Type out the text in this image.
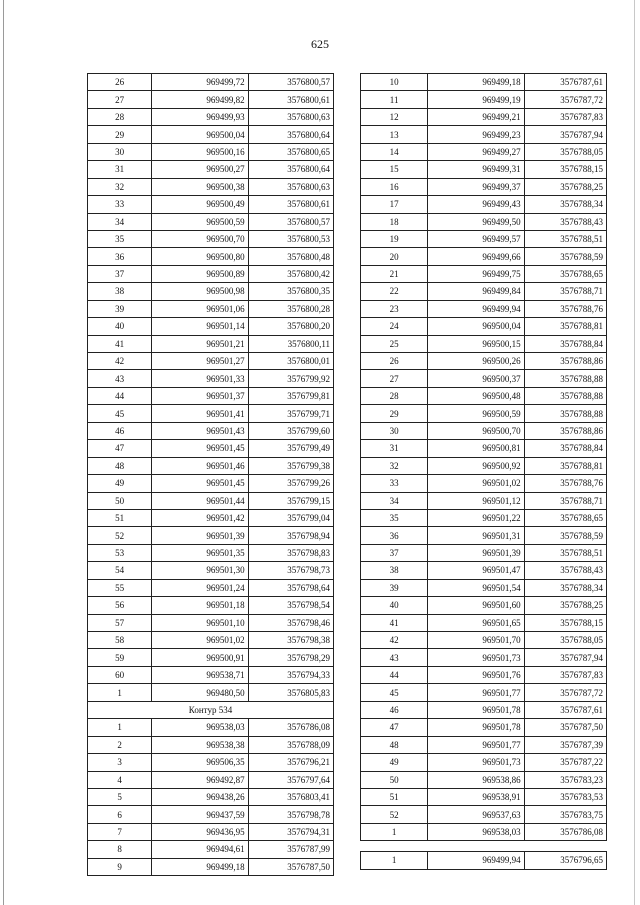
625
26	969499,72	3576800,57
27	969499,82	3576800,61
28	969499,93	3576800,63
29	969500,04	3576800,64
30	969500,16	3576800,65
31	969500,27	3576800,64
32	969500,38	3576800,63
33	969500,49	3576800,61
34	969500,59	3576800,57
35	969500,70	3576800,53
36	969500,80	3576800,48
37	969500,89	3576800,42
38	969500,98	3576800,35
39	969501,06	3576800,28
40	969501,14	3576800,20
41	969501,21	3576800,11
42	969501,27	3576800,01
43	969501,33	3576799,92
44	969501,37	3576799,81
45	969501,41	3576799,71
46	969501,43	3576799,60
47	969501,45	3576799,49
48	969501,46	3576799,38
49	969501,45	3576799,26
50	969501,44	3576799,15
51	969501,42	3576799,04
52	969501,39	3576798,94
53	969501,35	3576798,83
54	969501,30	3576798,73
55	969501,24	3576798,64
56	969501,18	3576798,54
57	969501,10	3576798,46
58	969501,02	3576798,38
59	969500,91	3576798,29
60	969538,71	3576794,33
1	969480,50	3576805,83
Контур 534		
1	969538,03	3576786,08
2	969538,38	3576788,09
3	969506,35	3576796,21
4	969492,87	3576797,64
5	969438,26	3576803,41
6	969437,59	3576798,78
7	969436,95	3576794,31
8	969494,61	3576787,99
9	969499,18	3576787,50
10	969499,18	3576787,61
11	969499,19	3576787,72
12	969499,21	3576787,83
13	969499,23	3576787,94
14	969499,27	3576788,05
15	969499,31	3576788,15
16	969499,37	3576788,25
17	969499,43	3576788,34
18	969499,50	3576788,43
19	969499,57	3576788,51
20	969499,66	3576788,59
21	969499,75	3576788,65
22	969499,84	3576788,71
23	969499,94	3576788,76
24	969500,04	3576788,81
25	969500,15	3576788,84
26	969500,26	3576788,86
27	969500,37	3576788,88
28	969500,48	3576788,88
29	969500,59	3576788,88
30	969500,70	3576788,86
31	969500,81	3576788,84
32	969500,92	3576788,81
33	969501,02	3576788,76
34	969501,12	3576788,71
35	969501,22	3576788,65
36	969501,31	3576788,59
37	969501,39	3576788,51
38	969501,47	3576788,43
39	969501,54	3576788,34
40	969501,60	3576788,25
41	969501,65	3576788,15
42	969501,70	3576788,05
43	969501,73	3576787,94
44	969501,76	3576787,83
45	969501,77	3576787,72
46	969501,78	3576787,61
47	969501,78	3576787,50
48	969501,77	3576787,39
49	969501,73	3576787,22
50	969538,86	3576783,23
51	969538,91	3576783,53
52	969537,63	3576783,75
1	969538,03	3576786,08

1	969499,94	3576796,65
